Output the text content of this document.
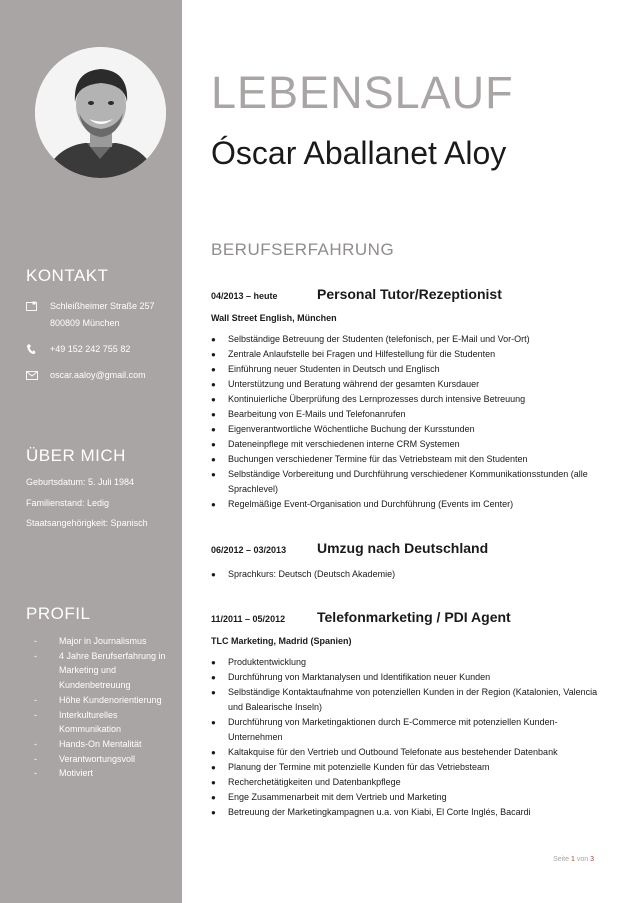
KONTAKT
Schleißheimer Straße 257
800809 München
+49 152 242 755 82
oscar.aaloy@gmail.com
ÜBER MICH
Geburtsdatum: 5. Juli 1984
Familienstand: Ledig
Staatsangehörigkeit: Spanisch
PROFIL
- Major in Journalismus
- 4 Jahre Berufserfahrung in Marketing und Kundenbetreuung
- Höhe Kundenorientierung
- Interkulturelles Kommunikation
- Hands-On Mentalität
- Verantwortungsvoll
- Motiviert
LEBENSLAUF
Óscar Aballanet Aloy
BERUFSERFAHRUNG
04/2013 – heute	Personal Tutor/Rezeptionist
Wall Street English, München
● Selbständige Betreuung der Studenten (telefonisch, per E-Mail und Vor-Ort)
● Zentrale Anlaufstelle bei Fragen und Hilfestellung für die Studenten
● Einführung neuer Studenten in Deutsch und Englisch
● Unterstützung und Beratung während der gesamten Kursdauer
● Kontinuierliche Überprüfung des Lernprozesses durch intensive Betreuung
● Bearbeitung von E-Mails und Telefonanrufen
● Eigenverantwortliche Wöchentliche Buchung der Kursstunden
● Dateneinpflege mit verschiedenen interne CRM Systemen
● Buchungen verschiedener Termine für das Vetriebsteam mit den Studenten
● Selbständige Vorbereitung und Durchführung verschiedener Kommunikationsstunden (alle Sprachlevel)
● Regelmäßige Event-Organisation und Durchführung (Events im Center)
06/2012 – 03/2013	Umzug nach Deutschland
● Sprachkurs: Deutsch (Deutsch Akademie)
11/2011 – 05/2012	Telefonmarketing / PDI Agent
TLC Marketing, Madrid (Spanien)
● Produktentwicklung
● Durchführung von Marktanalysen und Identifikation neuer Kunden
● Selbständige Kontaktaufnahme von potenziellen Kunden in der Region (Katalonien, Valencia und Balearische Inseln)
● Durchführung von Marketingaktionen durch E-Commerce mit potenziellen Kunden-Unternehmen
● Kaltakquise für den Vertrieb und Outbound Telefonate aus bestehender Datenbank
● Planung der Termine mit potenzielle Kunden für das Vetriebsteam
● Recherchetätigkeiten und Datenbankpflege
● Enge Zusammenarbeit mit dem Vertrieb und Marketing
● Betreuung der Marketingkampagnen u.a. von Kiabi, El Corte Inglés, Bacardi
Seite 1 von 3
